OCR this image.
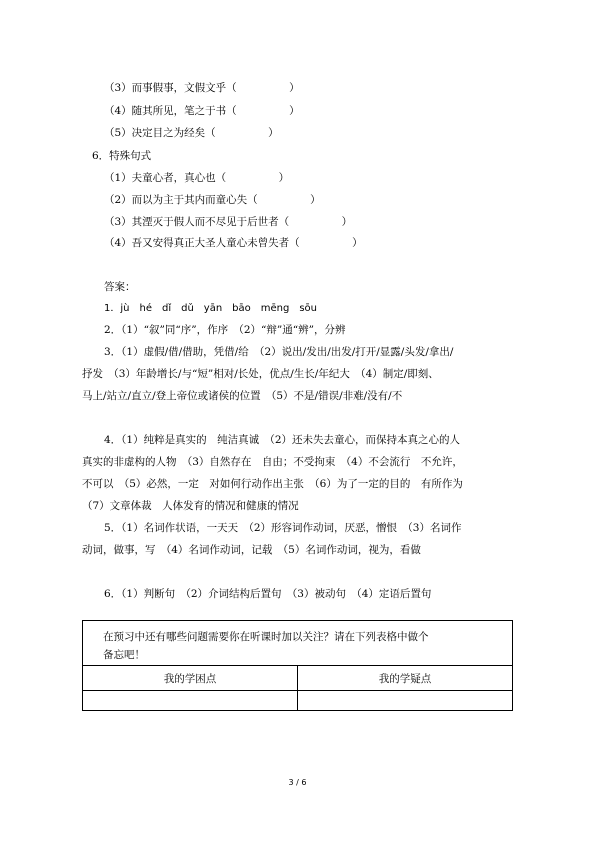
（3）而事假事，文假文乎（　　　　　）
（4）随其所见，笔之于书（　　　　　）
（5）决定目之为经矣（　　　　　）
6．特殊句式
（1）夫童心者，真心也（　　　　　）
（2）而以为主于其内而童心失（　　　　　）
（3）其湮灭于假人而不尽见于后世者（　　　　　）
（4）吾又安得真正大圣人童心未曾失者（　　　　　）
答案：
1．jù　hé　dǐ　dǔ　yān　bāo　mēng　sōu
2．（1）“叙”同“序”，作序　（2）“辩”通“辨”，分辨
3．（1）虚假/借/借助，凭借/给　（2）说出/发出/出发/打开/显露/头发/拿出/
抒发　（3）年龄增长/与“短”相对/长处，优点/生长/年纪大　（4）制定/即刻、
马上/站立/直立/登上帝位或诸侯的位置　（5）不是/错误/非难/没有/不
4．（1）纯粹是真实的　纯洁真诚　（2）还未失去童心，而保持本真之心的人
真实的非虚构的人物　（3）自然存在　自由；不受拘束　（4）不会流行　不允许，
不可以　（5）必然，一定　对如何行动作出主张　（6）为了一定的目的　有所作为
（7）文章体裁　人体发育的情况和健康的情况
5．（1）名词作状语，一天天　（2）形容词作动词，厌恶，憎恨　（3）名词作
动词，做事，写　（4）名词作动词，记载　（5）名词作动词，视为，看做
6．（1）判断句　（2）介词结构后置句　（3）被动句　（4）定语后置句
在预习中还有哪些问题需要你在听课时加以关注？请在下列表格中做个
备忘吧！	

我的学困点	我的学疑点

3 / 6
